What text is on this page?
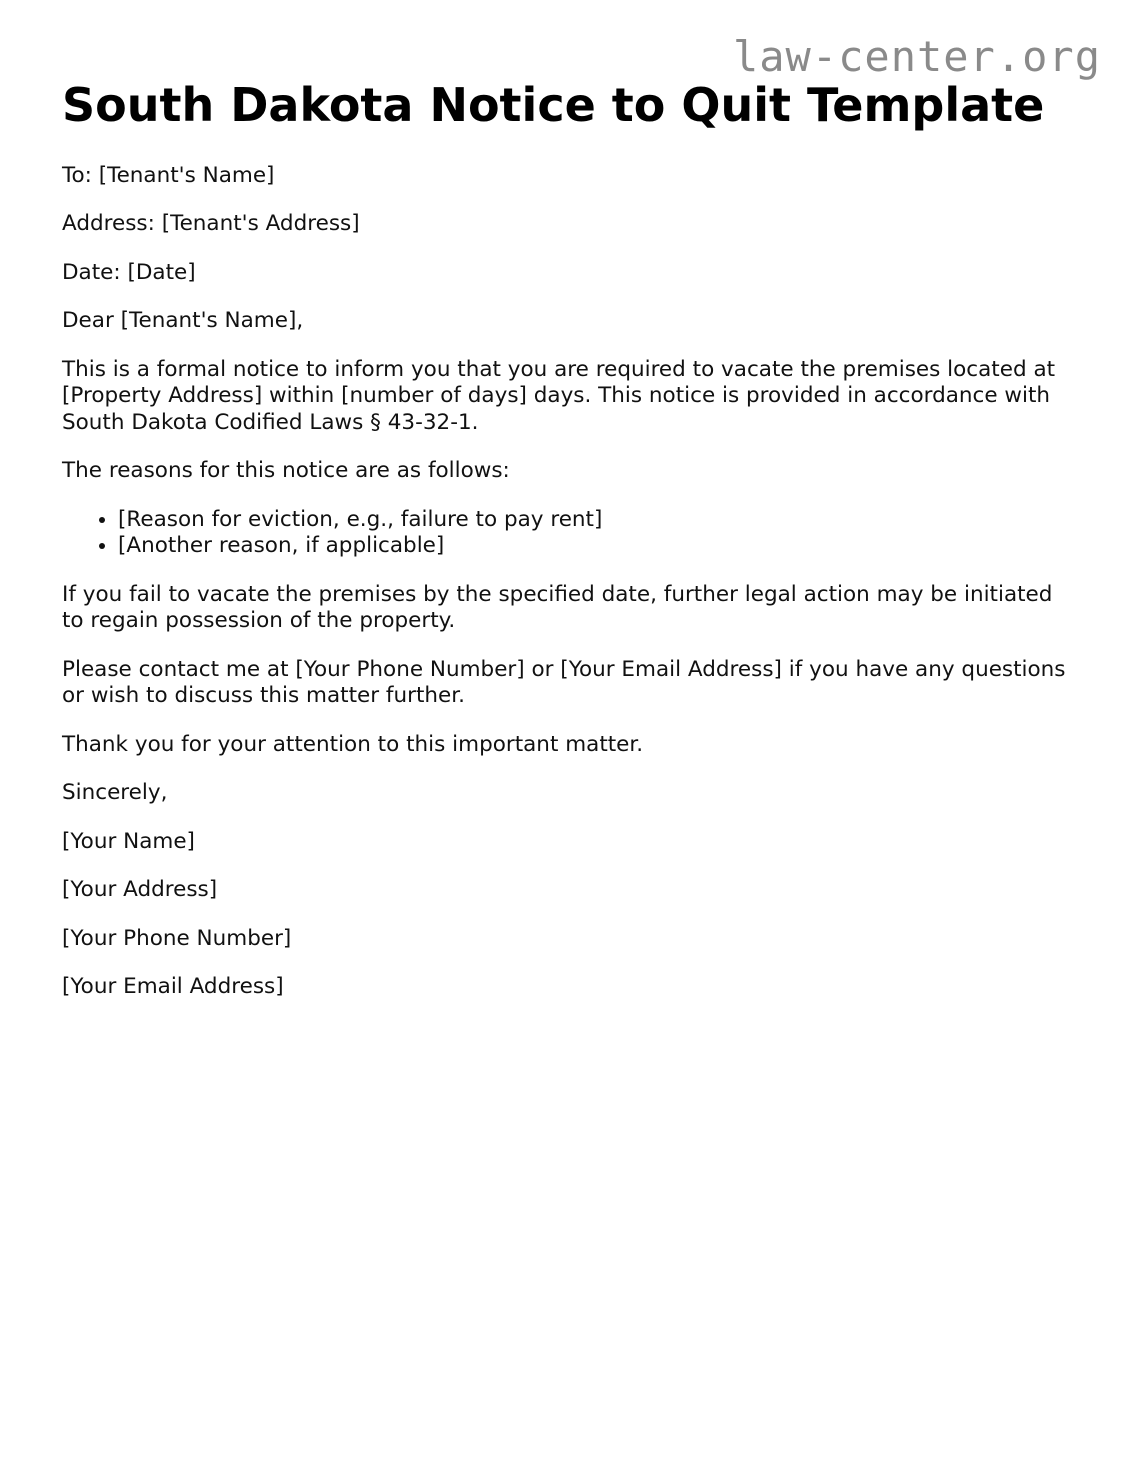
law-center.org
South Dakota Notice to Quit Template

To: [Tenant's Name]

Address: [Tenant's Address]

Date: [Date]

Dear [Tenant's Name],

This is a formal notice to inform you that you are required to vacate the premises located at [Property Address] within [number of days] days. This notice is provided in accordance with South Dakota Codified Laws § 43-32-1.

The reasons for this notice are as follows:

• [Reason for eviction, e.g., failure to pay rent]
• [Another reason, if applicable]

If you fail to vacate the premises by the specified date, further legal action may be initiated to regain possession of the property.

Please contact me at [Your Phone Number] or [Your Email Address] if you have any questions or wish to discuss this matter further.

Thank you for your attention to this important matter.

Sincerely,

[Your Name]

[Your Address]

[Your Phone Number]

[Your Email Address]
